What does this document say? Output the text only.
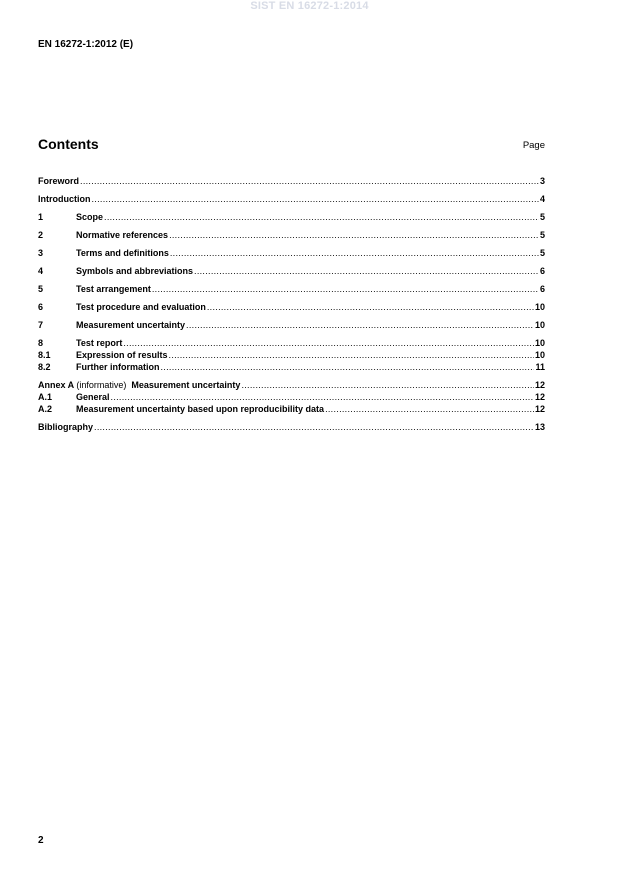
SIST EN 16272-1:2014
EN 16272-1:2012 (E)
Contents	Page
Foreword .....	3
Introduction .....	4
1	Scope .....	5
2	Normative references .....	5
3	Terms and definitions .....	5
4	Symbols and abbreviations .....	6
5	Test arrangement .....	6
6	Test procedure and evaluation .....	10
7	Measurement uncertainty .....	10
8	Test report .....	10
8.1	Expression of results .....	10
8.2	Further information .....	11
Annex A (informative) Measurement uncertainty .....	12
A.1	General .....	12
A.2	Measurement uncertainty based upon reproducibility data .....	12
Bibliography .....	13
2
